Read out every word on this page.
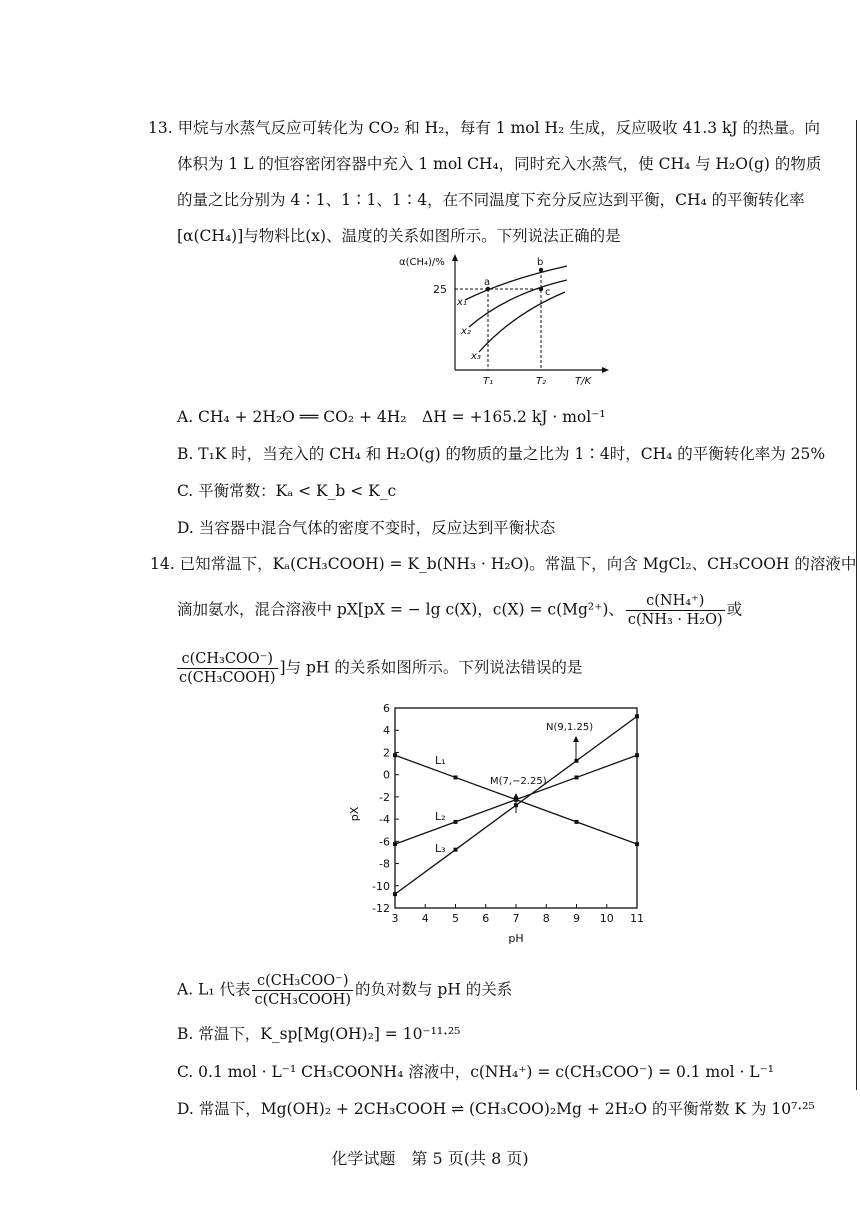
13. 甲烷与水蒸气反应可转化为 CO₂ 和 H₂，每有 1 mol H₂ 生成，反应吸收 41.3 kJ 的热量。向
体积为 1 L 的恒容密闭容器中充入 1 mol CH₄，同时充入水蒸气，使 CH₄ 与 H₂O(g) 的物质
的量之比分别为 4∶1、1∶1、1∶4，在不同温度下充分反应达到平衡，CH₄ 的平衡转化率
[α(CH₄)]与物料比(x)、温度的关系如图所示。下列说法正确的是
α(CH₄)/%
25
a
b
c
x₁
x₂
x₃
T₁	T₂	T/K
A. CH₄ + 2H₂O ══ CO₂ + 4H₂　ΔH = +165.2 kJ · mol⁻¹
B. T₁K 时，当充入的 CH₄ 和 H₂O(g) 的物质的量之比为 1∶4时，CH₄ 的平衡转化率为 25%
C. 平衡常数：Kₐ < K_b < K_c
D. 当容器中混合气体的密度不变时，反应达到平衡状态
14. 已知常温下，Kₐ(CH₃COOH) = K_b(NH₃ · H₂O)。常温下，向含 MgCl₂、CH₃COOH 的溶液中
滴加氨水，混合溶液中 pX[pX = − lg c(X)，c(X) = c(Mg²⁺)、 $\frac{\text{c(NH₄⁺)}}{\text{c(NH₃ · H₂O)}}$ 或
$\frac{\text{c(CH₃COO⁻)}}{\text{c(CH₃COOH)}}$ ]与 pH 的关系如图所示。下列说法错误的是
3 4 5 6 7 8 9 10 11
6
4
2
0
-2
-4
-6
-8
-10
-12
pX
pH
L₁
L₂
L₃
M(7,−2.25)
N(9,1.25)
A. L₁ 代表 $\frac{\text{c(CH₃COO⁻)}}{\text{c(CH₃COOH)}}$ 的负对数与 pH 的关系
B. 常温下，K_sp[Mg(OH)₂] = 10⁻¹¹·²⁵
C. 0.1 mol · L⁻¹ CH₃COONH₄ 溶液中，c(NH₄⁺) = c(CH₃COO⁻) = 0.1 mol · L⁻¹
D. 常温下，Mg(OH)₂ + 2CH₃COOH ⇌ (CH₃COO)₂Mg + 2H₂O 的平衡常数 K 为 10⁷·²⁵
化学试题　第 5 页(共 8 页)
